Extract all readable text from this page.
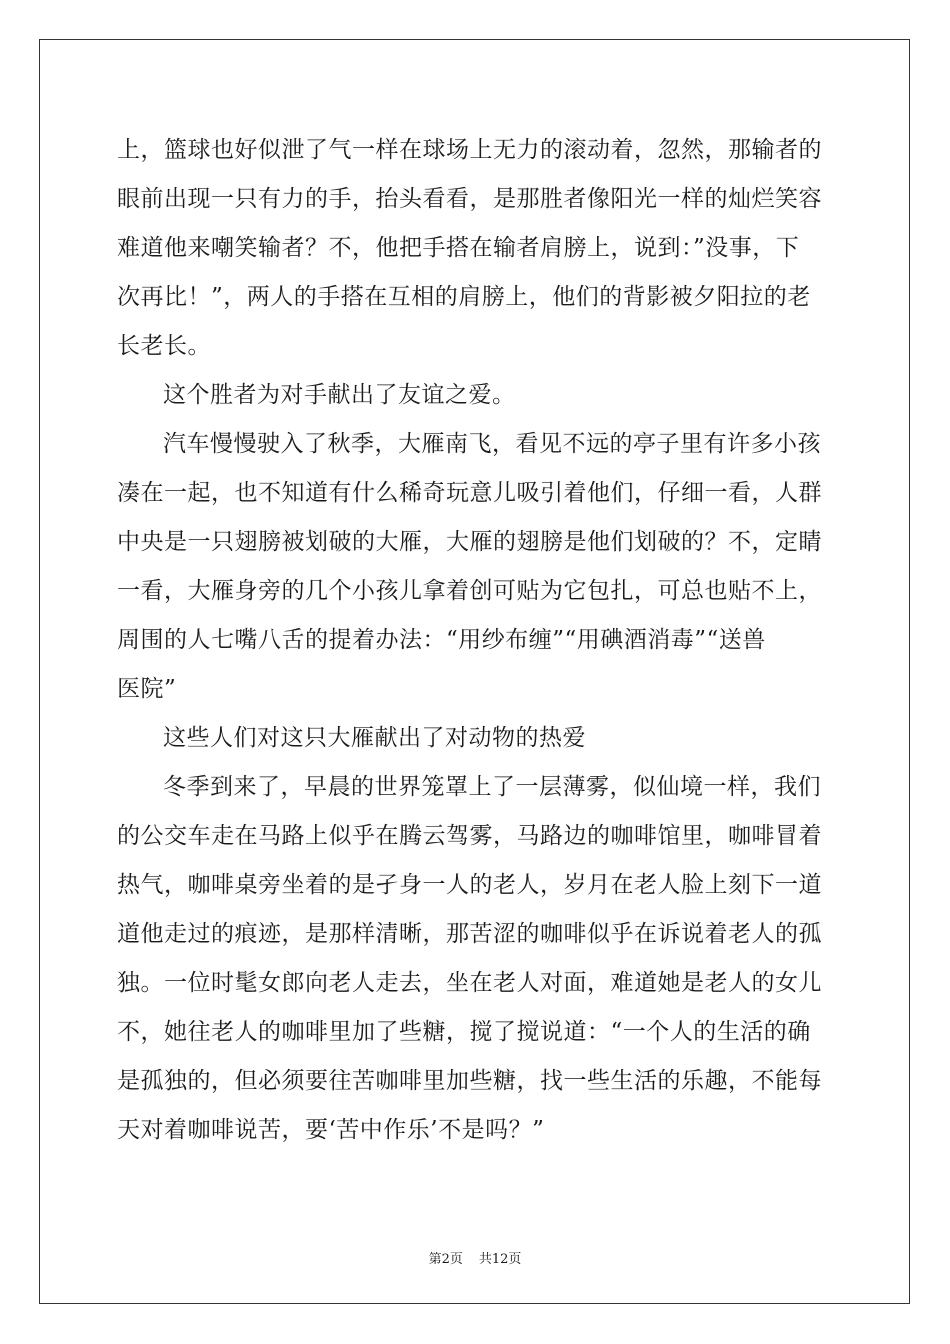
上，篮球也好似泄了气一样在球场上无力的滚动着，忽然，那输者的
眼前出现一只有力的手，抬头看看，是那胜者像阳光一样的灿烂笑容
难道他来嘲笑输者？不，他把手搭在输者肩膀上，说到：”没事，下
次再比！”，两人的手搭在互相的肩膀上，他们的背影被夕阳拉的老
长老长。
这个胜者为对手献出了友谊之爱。
汽车慢慢驶入了秋季，大雁南飞，看见不远的亭子里有许多小孩
凑在一起，也不知道有什么稀奇玩意儿吸引着他们，仔细一看，人群
中央是一只翅膀被划破的大雁，大雁的翅膀是他们划破的？不，定睛
一看，大雁身旁的几个小孩儿拿着创可贴为它包扎，可总也贴不上，
周围的人七嘴八舌的提着办法：“用纱布缠”“用碘酒消毒”“送兽
医院”
这些人们对这只大雁献出了对动物的热爱
冬季到来了，早晨的世界笼罩上了一层薄雾，似仙境一样，我们
的公交车走在马路上似乎在腾云驾雾，马路边的咖啡馆里，咖啡冒着
热气，咖啡桌旁坐着的是孑身一人的老人，岁月在老人脸上刻下一道
道他走过的痕迹，是那样清晰，那苦涩的咖啡似乎在诉说着老人的孤
独。一位时髦女郎向老人走去，坐在老人对面，难道她是老人的女儿
不，她往老人的咖啡里加了些糖，搅了搅说道：“一个人的生活的确
是孤独的，但必须要往苦咖啡里加些糖，找一些生活的乐趣，不能每
天对着咖啡说苦，要‘苦中作乐’不是吗？”
第2页 共12页
